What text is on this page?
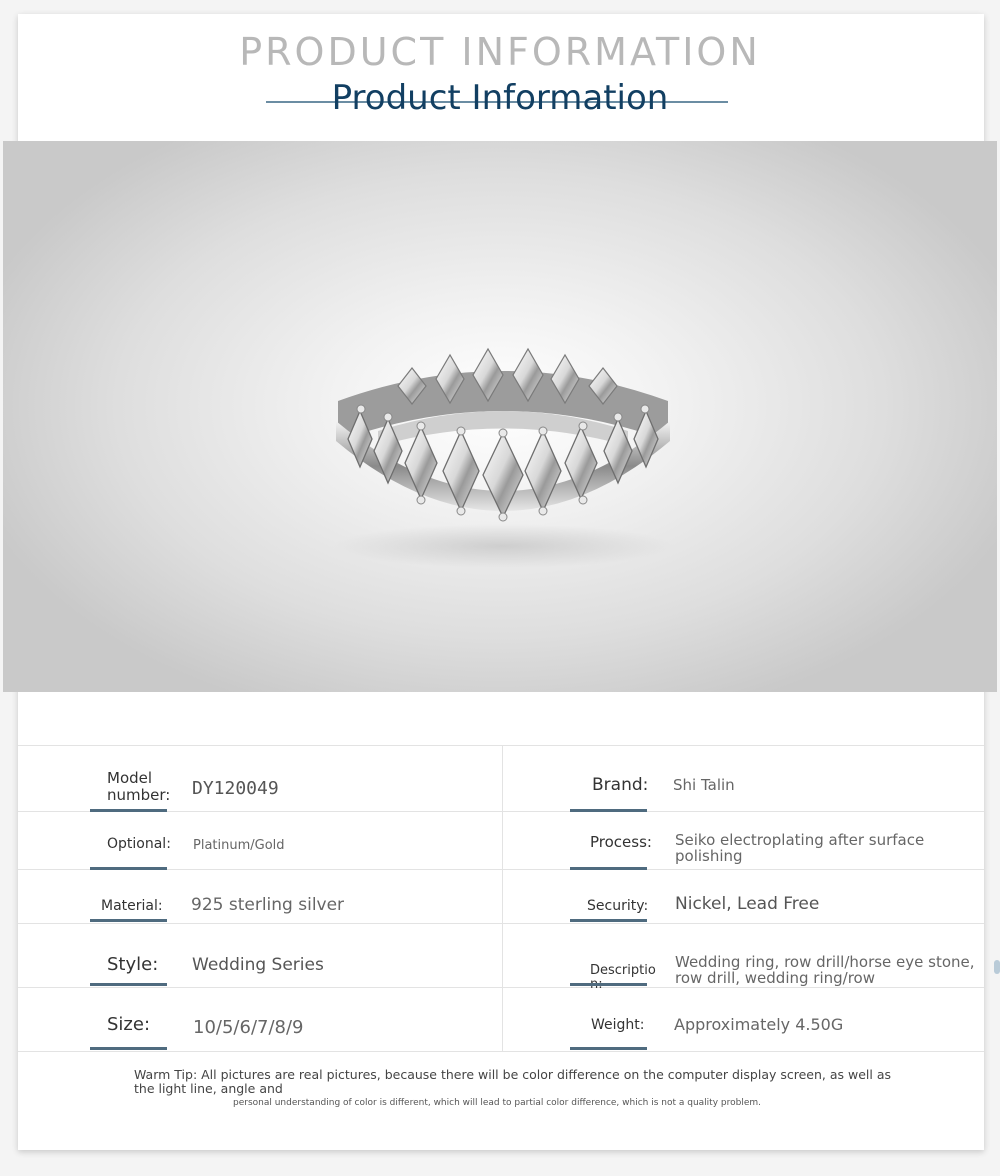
PRODUCT INFORMATION
Product Information
Model
number: DY120049	Brand: Shi Talin
Optional: Platinum/Gold	Process: Seiko electroplating after surface
polishing
Material: 925 sterling silver	Security: Nickel, Lead Free
Style: Wedding Series	Descriptio Wedding ring, row drill/horse eye stone,
row drill, wedding ring/row
Size: 10/5/6/7/8/9	Weight: Approximately 4.50G
Warm Tip: All pictures are real pictures, because there will be color difference on the computer display screen, as well as
the light line, angle and
personal understanding of color is different, which will lead to partial color difference, which is not a quality problem.
